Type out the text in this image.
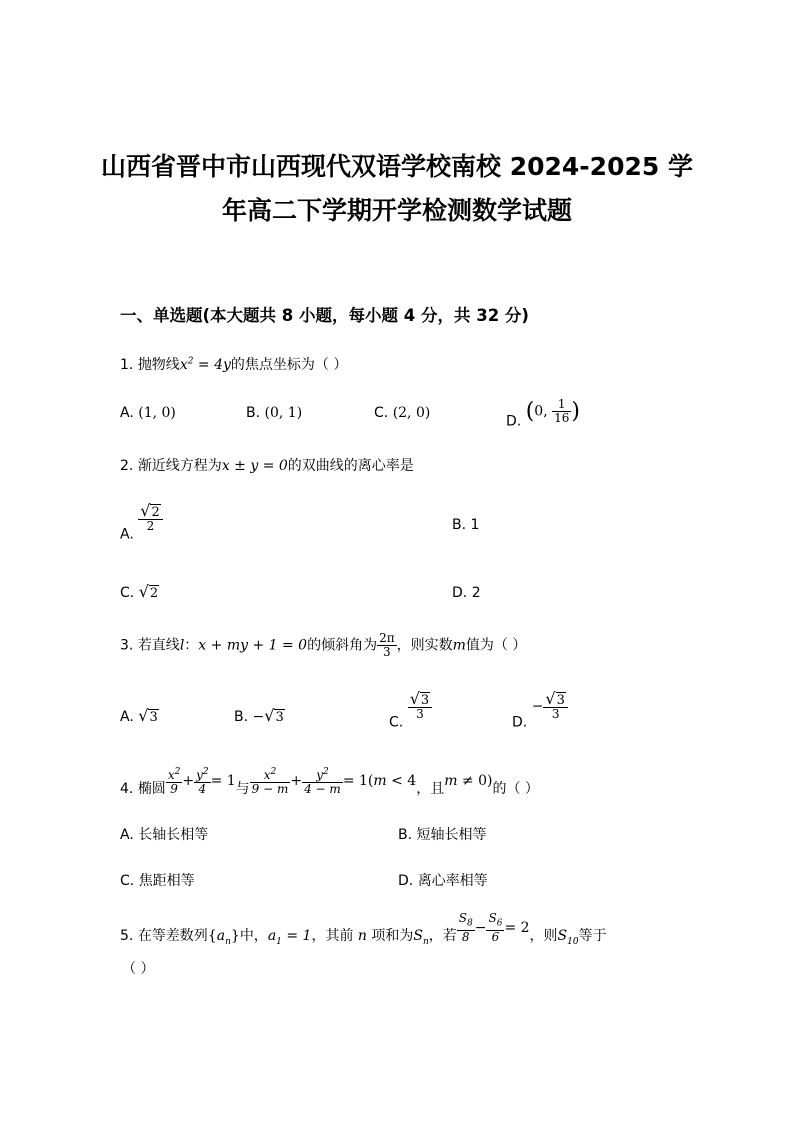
山西省晋中市山西现代双语学校南校 2024-2025 学
年高二下学期开学检测数学试题
一、单选题(本大题共 8 小题，每小题 4 分，共 32 分)
1. 抛物线$x^2 = 4y$的焦点坐标为（ ）
A. (1, 0)	B. (0, 1)	C. (2, 0)
D. (0, $\frac{1}{16}$ )
2. 渐近线方程为x ± y = 0的双曲线的离心率是
A.
$\frac{√2}{2}$	B. 1
C. √2	D. 2
3. 若直线l：x + my + 1 = 0的倾斜角为 $\frac{2\pi}{3}$ ，则实数m值为（ ）
A. √3	B. −√3	C.
$\frac{√3}{3}$
D. − $\frac{√3}{3}$
4. 椭圆 $\frac{x^2}{9} + \frac{y^2}{4} = 1$与 $\frac{x^2}{9 - m} + \frac{y^2}{4 - m} = 1(m < 4$，且m ≠ 0)的（ ）
A. 长轴长相等	B. 短轴长相等
C. 焦距相等	D. 离心率相等
5. 在等差数列$\{a_n\}$中，$a_1 = 1$，其前 n 项和为$S_n$，若 $\frac{S_8}{8} - \frac{S_6}{6} = 2$，则$S_{10}$等于
（ ）
